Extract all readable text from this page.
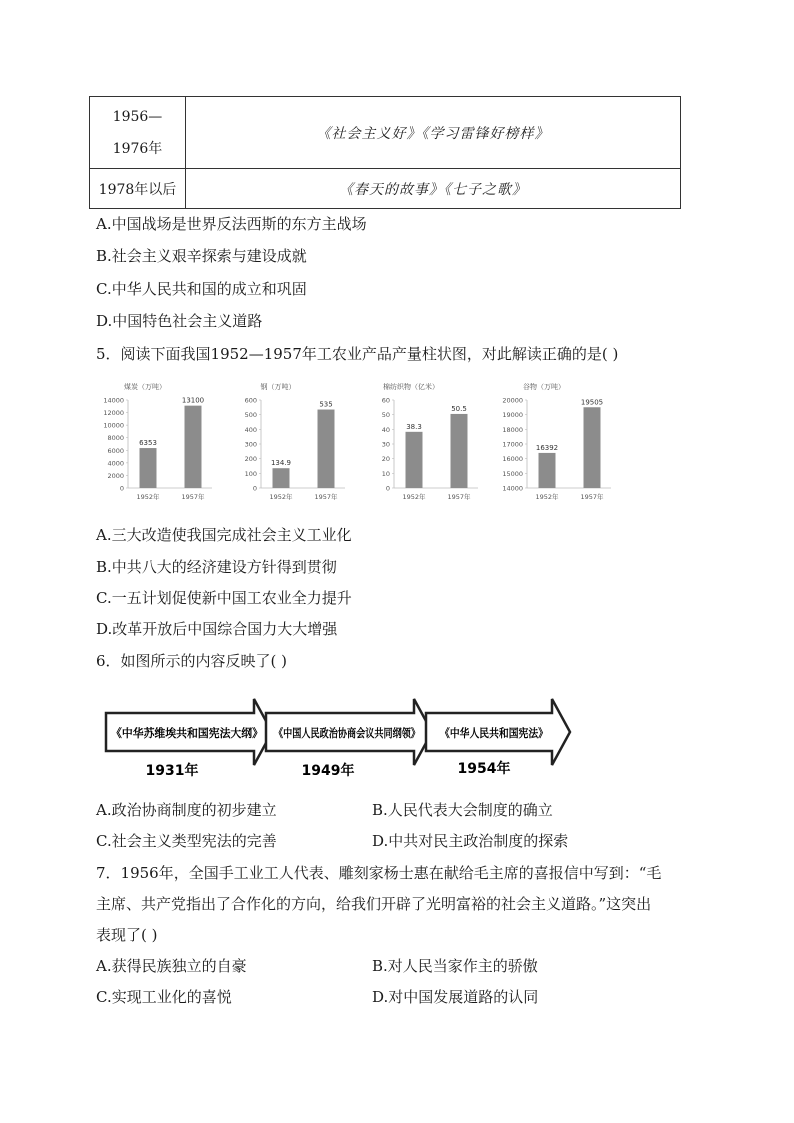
1956—
1976年	《社会主义好》《学习雷锋好榜样》
1978年以后	《春天的故事》《七子之歌》
A.中国战场是世界反法西斯的东方主战场
B.社会主义艰辛探索与建设成就
C.中华人民共和国的成立和巩固
D.中国特色社会主义道路
5．阅读下面我国1952—1957年工农业产品产量柱状图，对此解读正确的是( )
煤炭（万吨）
0
2000
4000
6000
8000
10000
12000
14000
6353
1952年
13100
1957年
钢（万吨）
0
100
200
300
400
500
600
134.9
1952年
535
1957年
棉纺织物（亿米）
0
10
20
30
40
50
60
38.3
1952年
50.5
1957年
谷物（万吨）
14000
15000
16000
17000
18000
19000
20000
16392
1952年
19505
1957年
A.三大改造使我国完成社会主义工业化
B.中共八大的经济建设方针得到贯彻
C.一五计划促使新中国工农业全力提升
D.改革开放后中国综合国力大大增强
6．如图所示的内容反映了( )
《中华苏维埃共和国宪法大纲》 《中国人民政治协商会议共同纲领》 《中华人民共和国宪法》
1931年	1949年	1954年
A.政治协商制度的初步建立	B.人民代表大会制度的确立
C.社会主义类型宪法的完善	D.中共对民主政治制度的探索
7．1956年，全国手工业工人代表、雕刻家杨士惠在献给毛主席的喜报信中写到：“毛
主席、共产党指出了合作化的方向，给我们开辟了光明富裕的社会主义道路。”这突出
表现了( )
A.获得民族独立的自豪	B.对人民当家作主的骄傲
C.实现工业化的喜悦	D.对中国发展道路的认同
